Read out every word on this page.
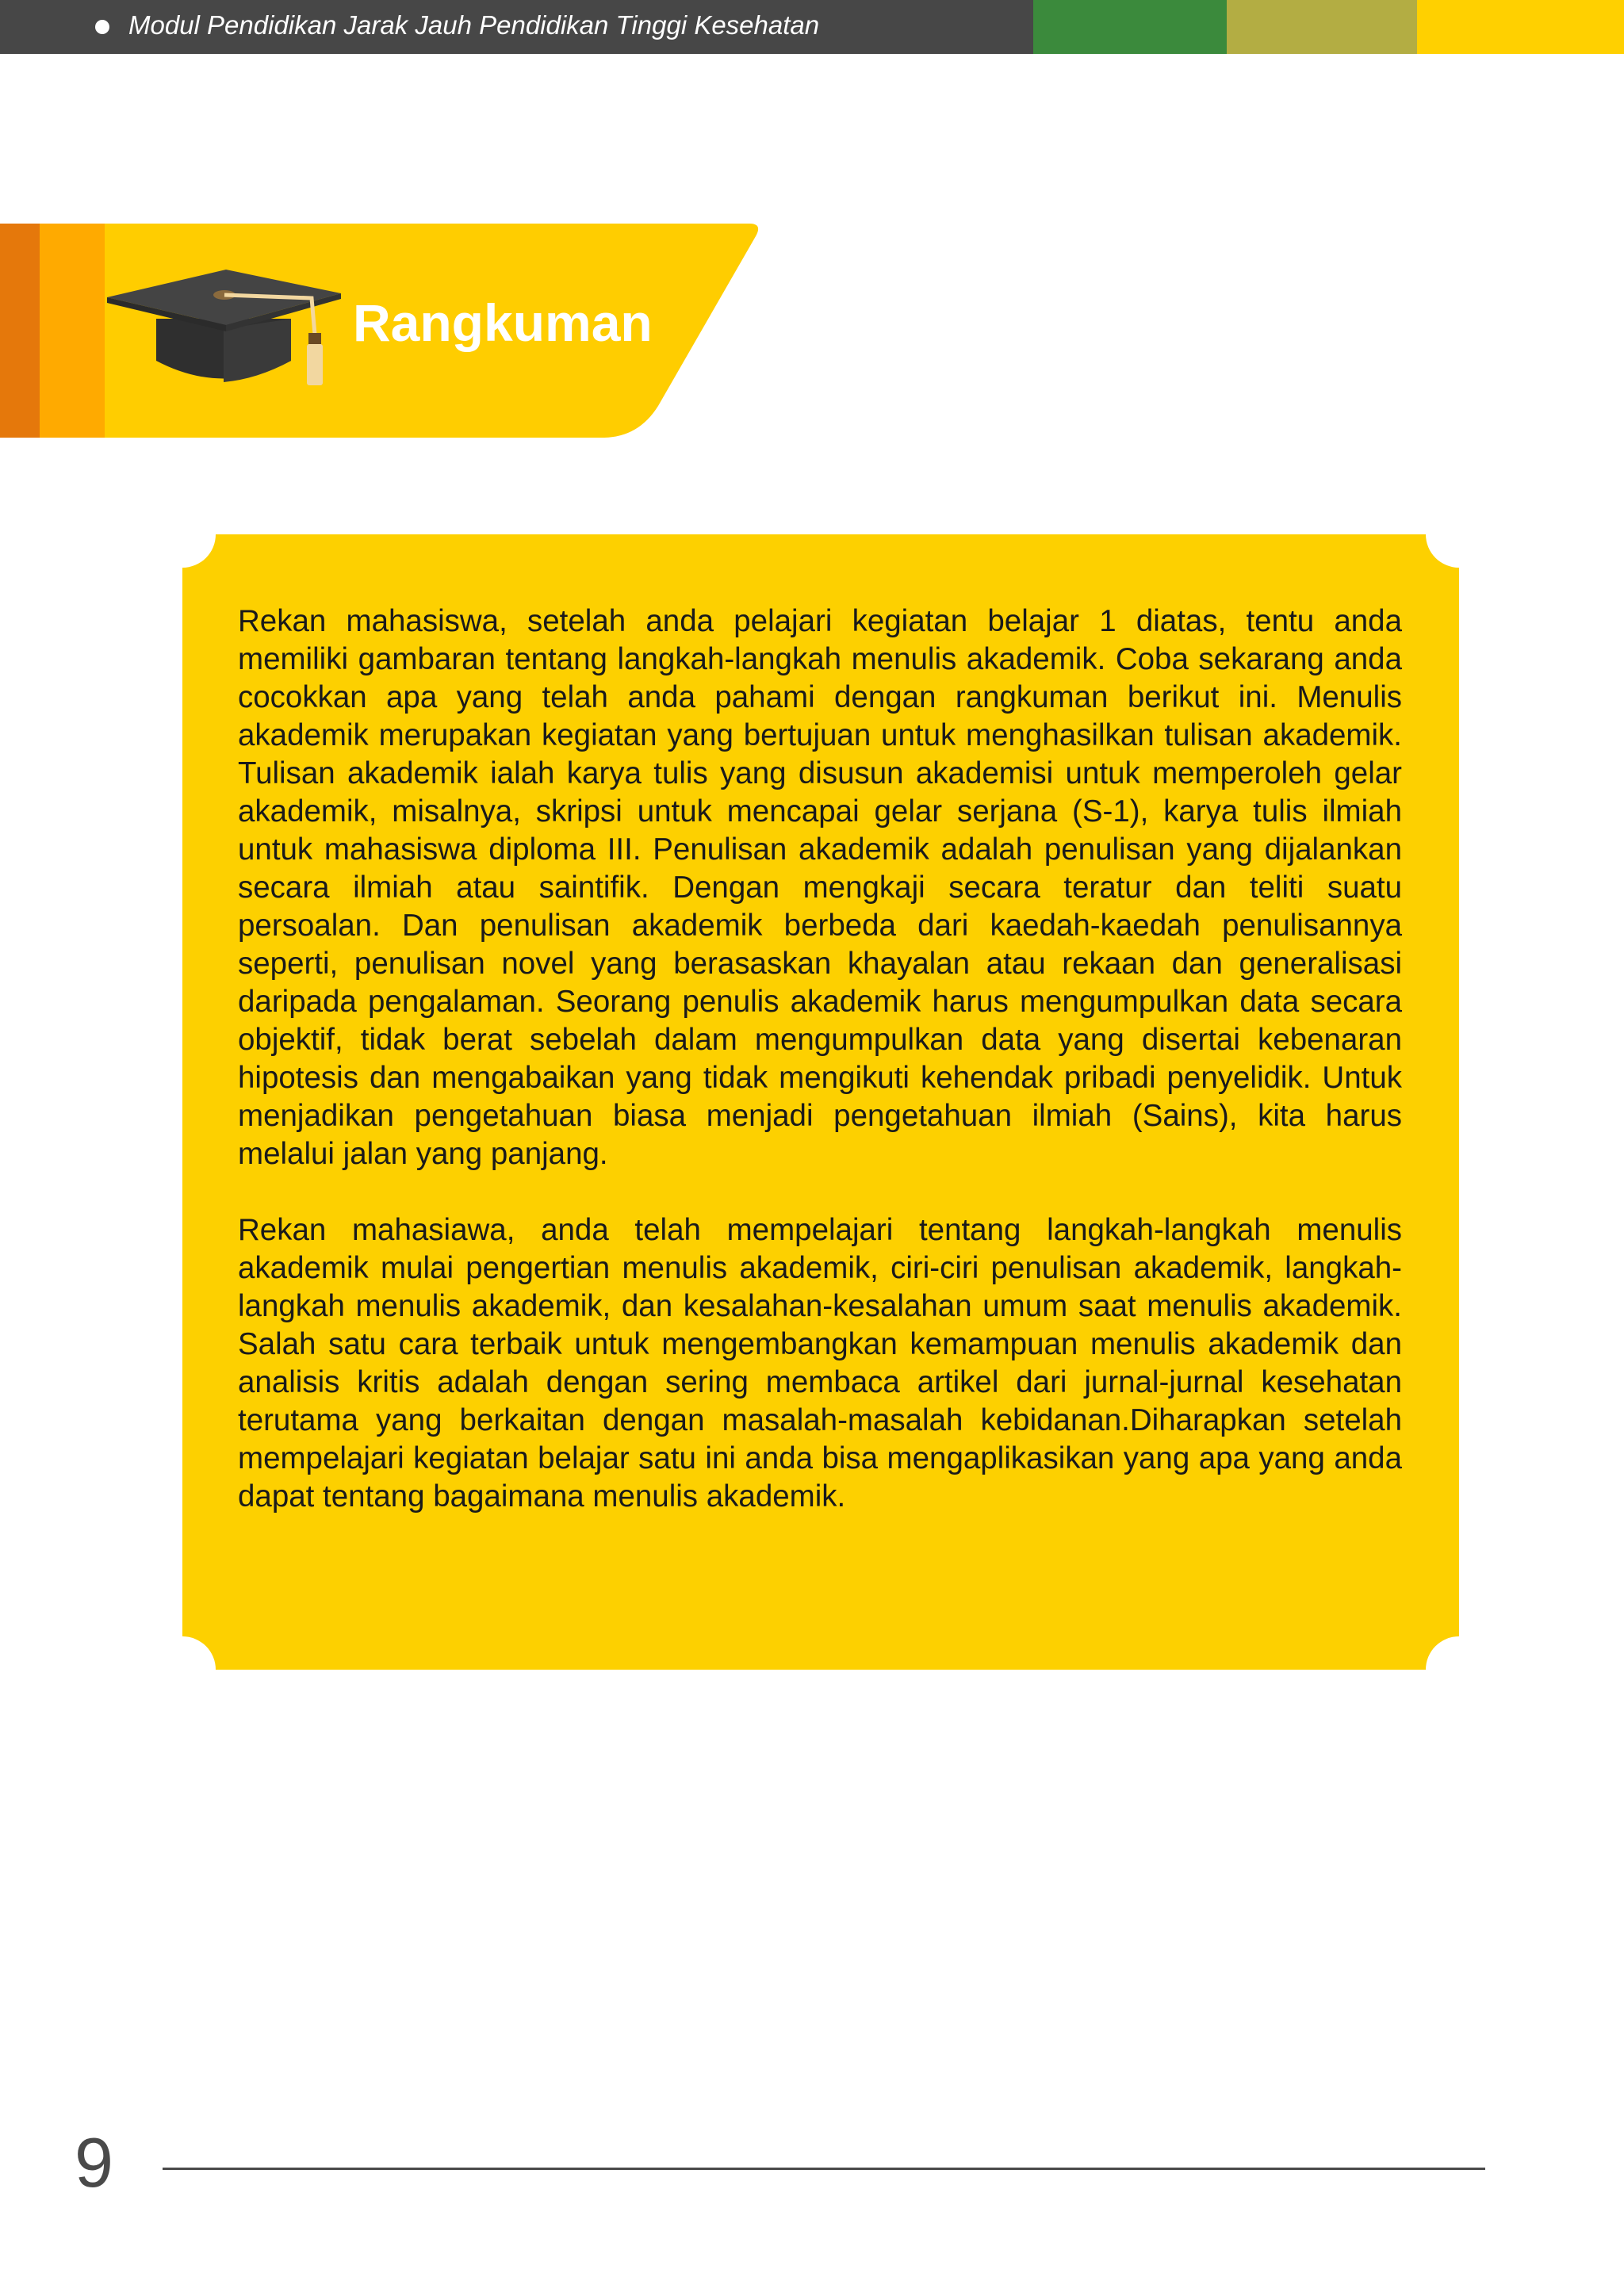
Modul Pendidikan Jarak Jauh Pendidikan Tinggi Kesehatan
Rangkuman

Rekan mahasiswa, setelah anda pelajari kegiatan belajar 1 diatas, tentu anda memiliki gambaran tentang langkah-langkah menulis akademik. Coba sekarang anda cocokkan apa yang telah anda pahami dengan rangkuman berikut ini. Menulis akademik merupakan kegiatan yang bertujuan untuk menghasilkan tulisan akademik. Tulisan akademik ialah karya tulis yang disusun akademisi untuk memperoleh gelar akademik, misalnya, skripsi untuk mencapai gelar serjana (S-1), karya tulis ilmiah untuk mahasiswa diploma III. Penulisan akademik adalah penulisan yang dijalankan secara ilmiah atau saintifik. Dengan mengkaji secara teratur dan teliti suatu persoalan. Dan penulisan akademik berbeda dari kaedah-kaedah penulisannya seperti, penulisan novel yang berasaskan khayalan atau rekaan dan generalisasi daripada pengalaman. Seorang penulis akademik harus mengumpulkan data secara objektif, tidak berat sebelah dalam mengumpulkan data yang disertai kebenaran hipotesis dan mengabaikan yang tidak mengikuti kehendak pribadi penyelidik. Untuk menjadikan pengetahuan biasa menjadi pengetahuan ilmiah (Sains), kita harus melalui jalan yang panjang.

Rekan mahasiawa, anda telah mempelajari tentang langkah-langkah menulis akademik mulai pengertian menulis akademik, ciri-ciri penulisan akademik, langkah-langkah menulis akademik, dan kesalahan-kesalahan umum saat menulis akademik. Salah satu cara terbaik untuk mengembangkan kemampuan menulis akademik dan analisis kritis adalah dengan sering membaca artikel dari jurnal-jurnal kesehatan terutama yang berkaitan dengan masalah-masalah kebidanan.Diharapkan setelah mempelajari kegiatan belajar satu ini anda bisa mengaplikasikan yang apa yang anda dapat tentang bagaimana menulis akademik.

9
